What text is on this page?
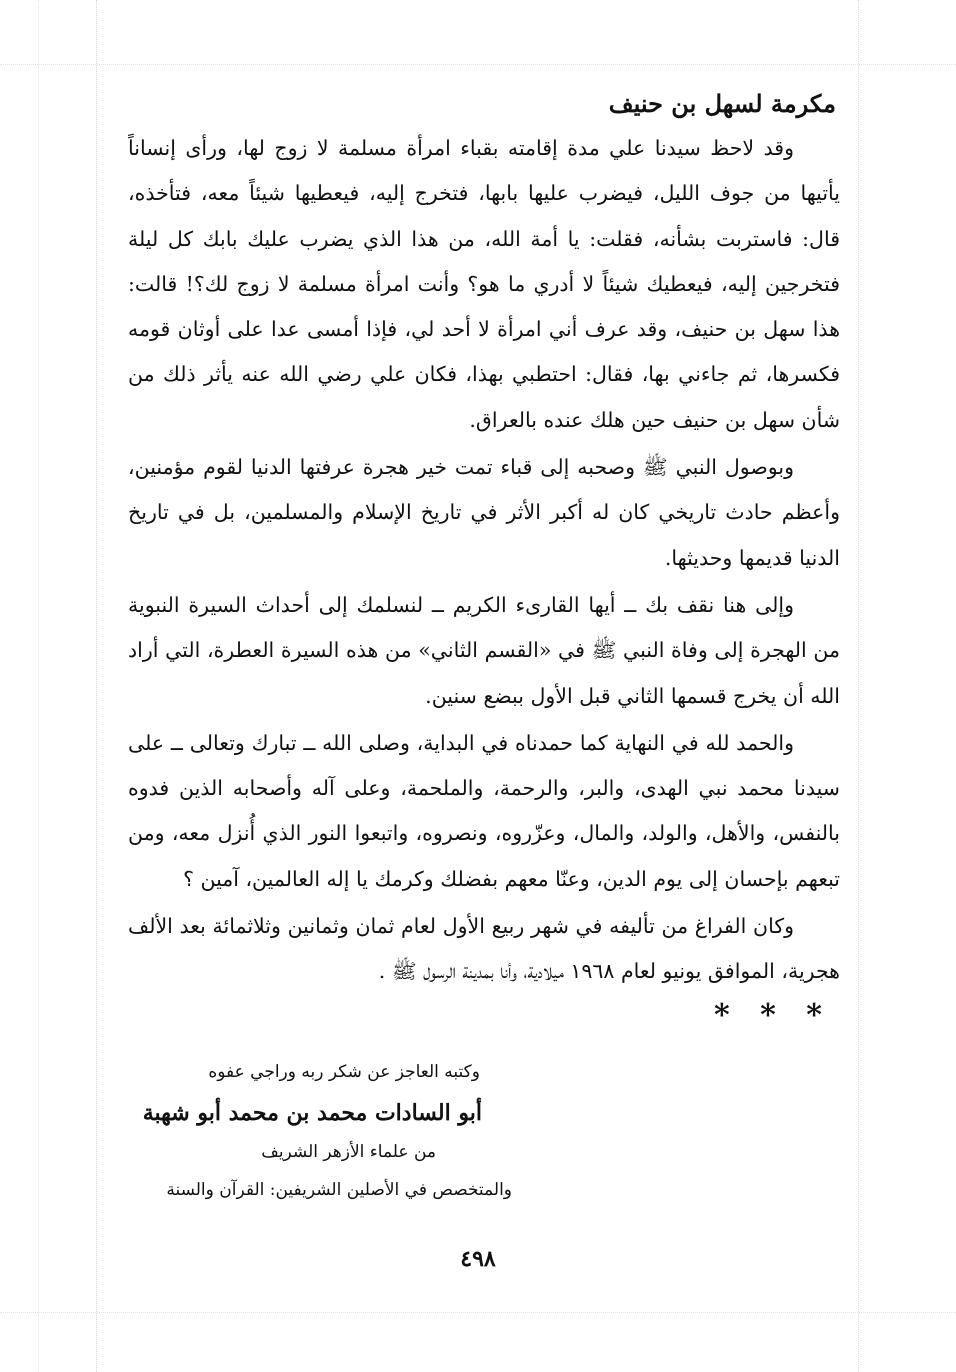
مكرمة لسهل بن حنيف

وقد لاحظ سيدنا علي مدة إقامته بقباء امرأة مسلمة لا زوج لها، ورأى إنساناً يأتيها من جوف الليل، فيضرب عليها بابها، فتخرج إليه، فيعطيها شيئاً معه، فتأخذه، قال: فاستربت بشأنه، فقلت: يا أمة الله، من هذا الذي يضرب عليك بابك كل ليلة فتخرجين إليه، فيعطيك شيئاً لا أدري ما هو؟ وأنت امرأة مسلمة لا زوج لك؟! قالت: هذا سهل بن حنيف، وقد عرف أني امرأة لا أحد لي، فإذا أمسى عدا على أوثان قومه فكسرها، ثم جاءني بها، فقال: احتطبي بهذا، فكان علي رضي الله عنه يأثر ذلك من شأن سهل بن حنيف حين هلك عنده بالعراق.

وبوصول النبي ﷺ وصحبه إلى قباء تمت خير هجرة عرفتها الدنيا لقوم مؤمنين، وأعظم حادث تاريخي كان له أكبر الأثر في تاريخ الإسلام والمسلمين، بل في تاريخ الدنيا قديمها وحديثها.

وإلى هنا نقف بك ــ أيها القارىء الكريم ــ لنسلمك إلى أحداث السيرة النبوية من الهجرة إلى وفاة النبي ﷺ في «القسم الثاني» من هذه السيرة العطرة، التي أراد الله أن يخرج قسمها الثاني قبل الأول ببضع سنين.

والحمد لله في النهاية كما حمدناه في البداية، وصلى الله ــ تبارك وتعالى ــ على سيدنا محمد نبي الهدى، والبر، والرحمة، والملحمة، وعلى آله وأصحابه الذين فدوه بالنفس، والأهل، والولد، والمال، وعزّروه، ونصروه، واتبعوا النور الذي أُنزل معه، ومن تبعهم بإحسان إلى يوم الدين، وعنّا معهم بفضلك وكرمك يا إله العالمين، آمين ؟

وكان الفراغ من تأليفه في شهر ربيع الأول لعام ثمان وثمانين وثلاثمائة بعد الألف هجرية، الموافق يونيو لعام ١٩٦٨ ميلادية، وأنا بمدينة الرسول ﷺ .

* * *
وكتبه العاجز عن شكر ربه وراجي عفوه
أبو السادات محمد بن محمد أبو شهبة
من علماء الأزهر الشريف
والمتخصص في الأصلين الشريفين: القرآن والسنة
٤٩٨
